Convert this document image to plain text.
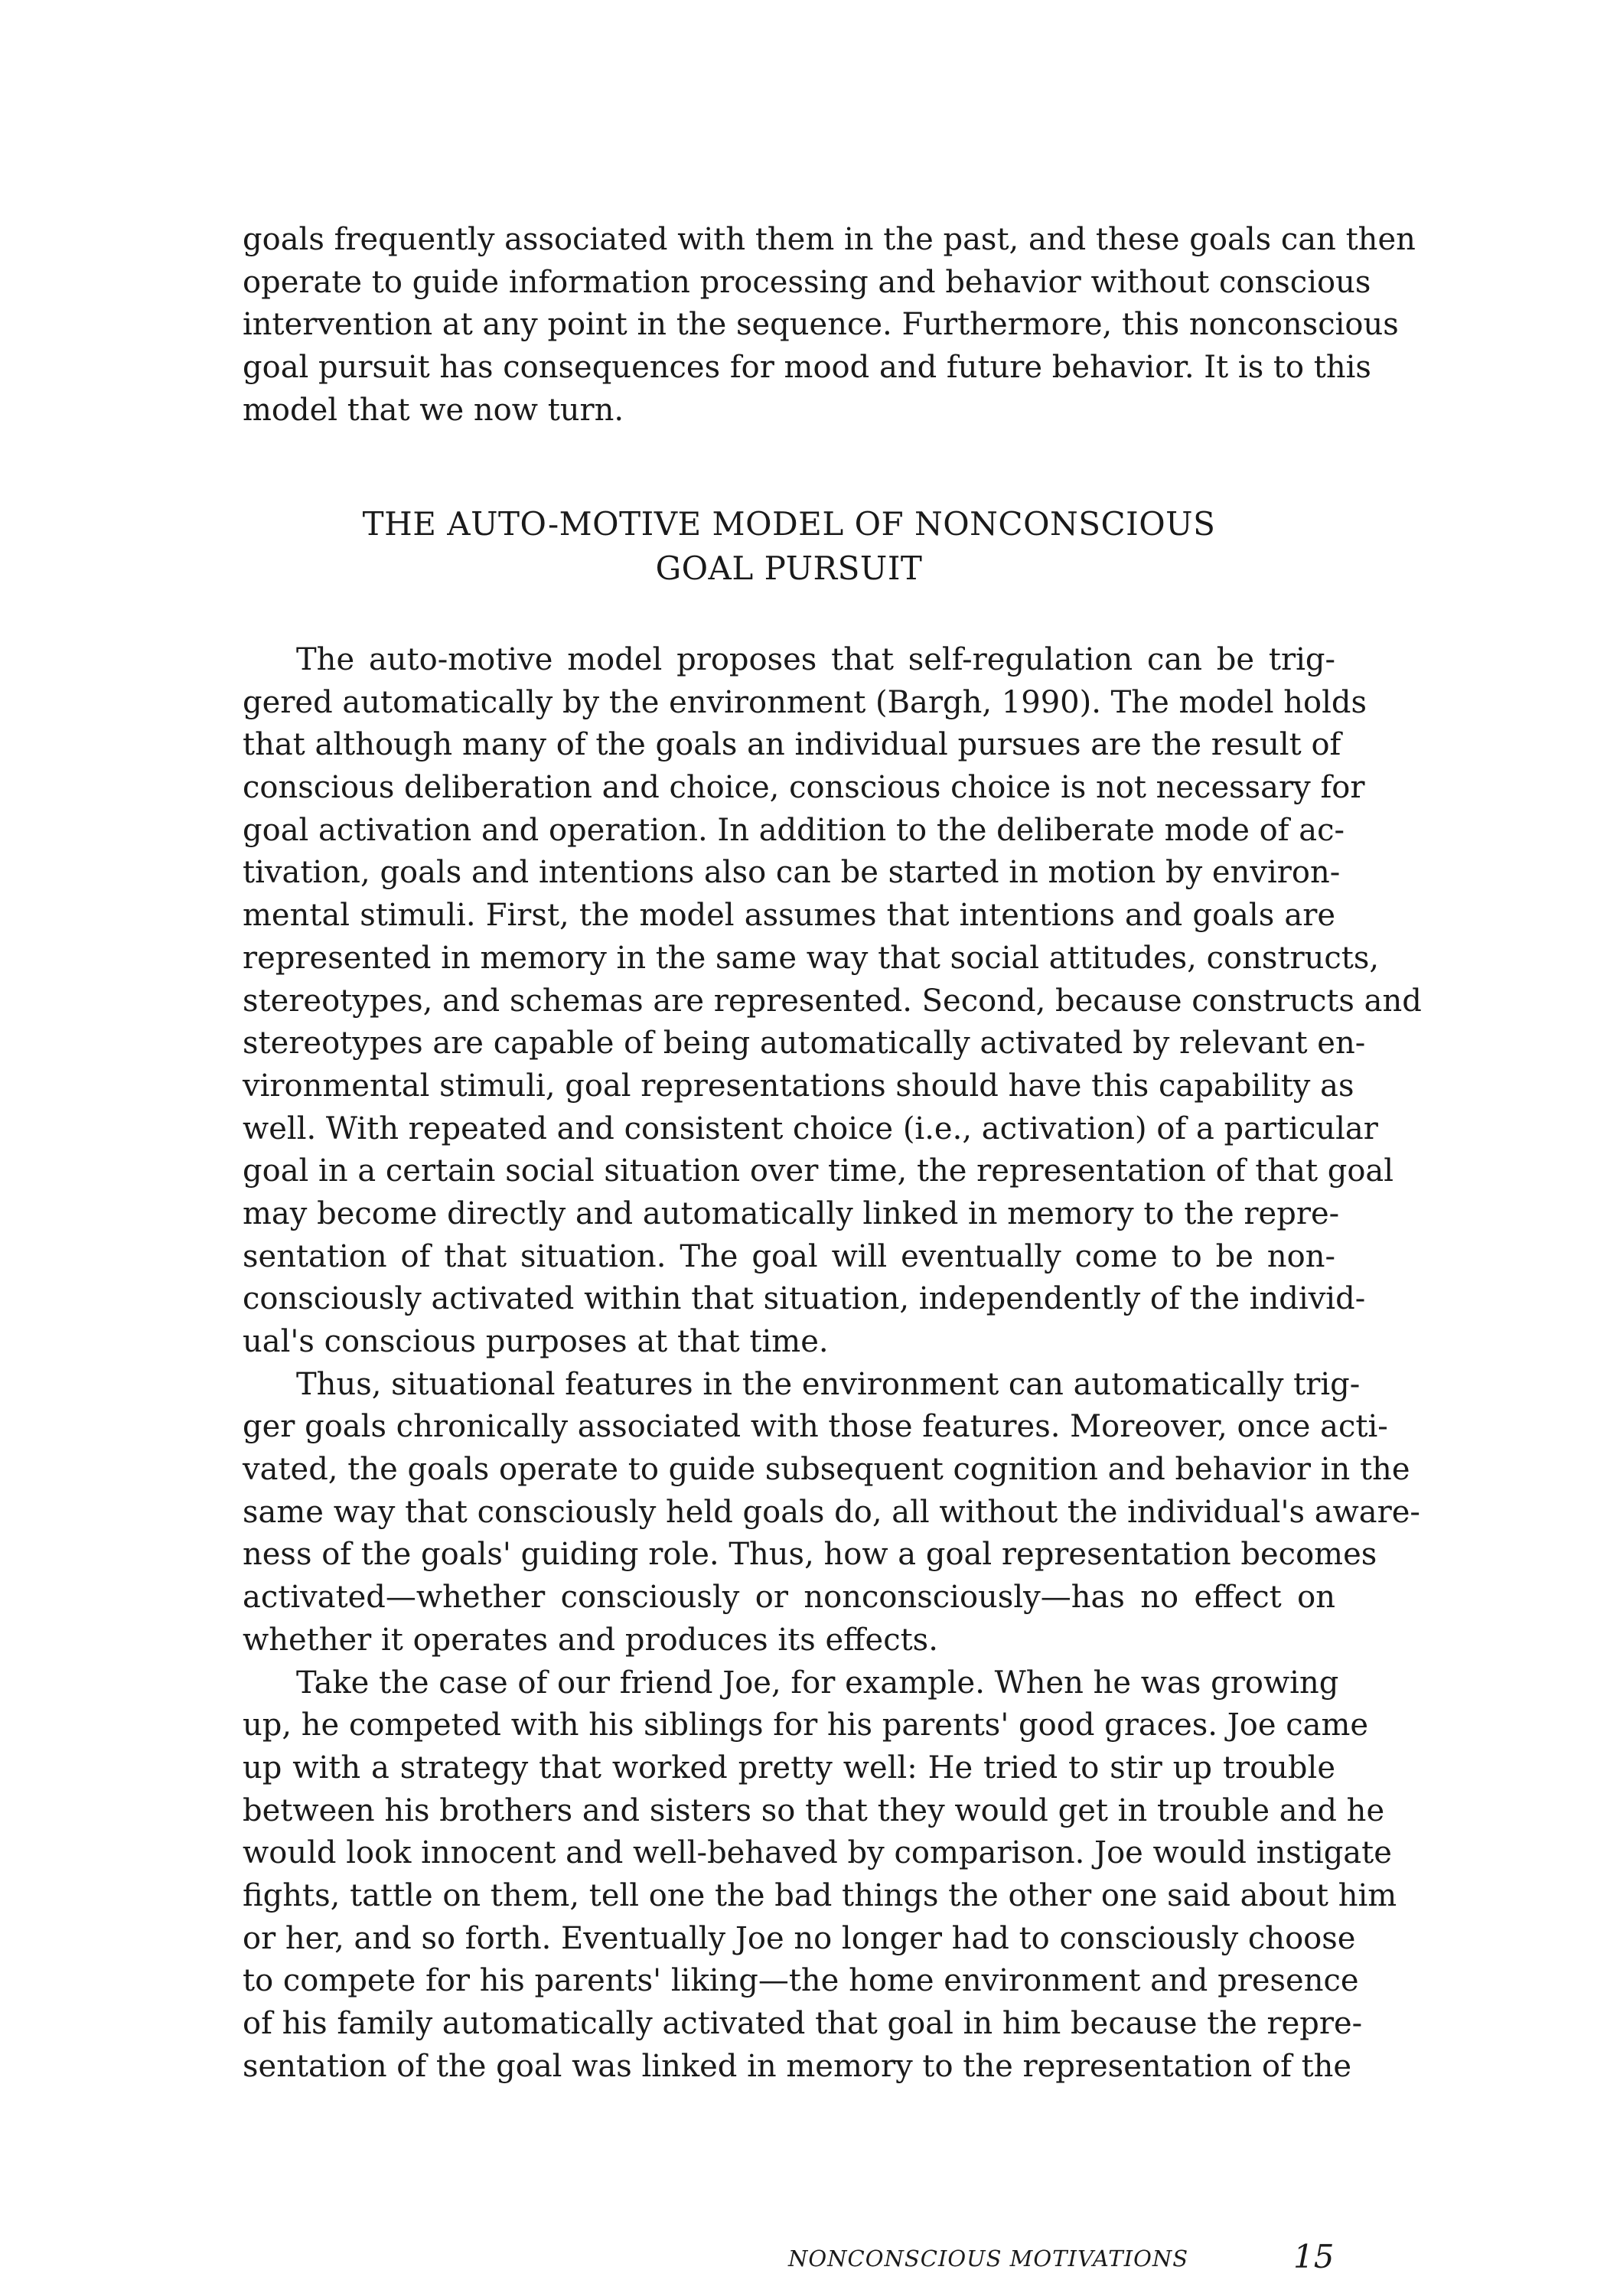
goals frequently associated with them in the past, and these goals can then
operate to guide information processing and behavior without conscious
intervention at any point in the sequence. Furthermore, this nonconscious
goal pursuit has consequences for mood and future behavior. It is to this
model that we now turn.
THE AUTO-MOTIVE MODEL OF NONCONSCIOUS
GOAL PURSUIT
The auto-motive model proposes that self-regulation can be trig-
gered automatically by the environment (Bargh, 1990). The model holds
that although many of the goals an individual pursues are the result of
conscious deliberation and choice, conscious choice is not necessary for
goal activation and operation. In addition to the deliberate mode of ac-
tivation, goals and intentions also can be started in motion by environ-
mental stimuli. First, the model assumes that intentions and goals are
represented in memory in the same way that social attitudes, constructs,
stereotypes, and schemas are represented. Second, because constructs and
stereotypes are capable of being automatically activated by relevant en-
vironmental stimuli, goal representations should have this capability as
well. With repeated and consistent choice (i.e., activation) of a particular
goal in a certain social situation over time, the representation of that goal
may become directly and automatically linked in memory to the repre-
sentation of that situation. The goal will eventually come to be non-
consciously activated within that situation, independently of the individ-
ual's conscious purposes at that time.
Thus, situational features in the environment can automatically trig-
ger goals chronically associated with those features. Moreover, once acti-
vated, the goals operate to guide subsequent cognition and behavior in the
same way that consciously held goals do, all without the individual's aware-
ness of the goals' guiding role. Thus, how a goal representation becomes
activated—whether consciously or nonconsciously—has no effect on
whether it operates and produces its effects.
Take the case of our friend Joe, for example. When he was growing
up, he competed with his siblings for his parents' good graces. Joe came
up with a strategy that worked pretty well: He tried to stir up trouble
between his brothers and sisters so that they would get in trouble and he
would look innocent and well-behaved by comparison. Joe would instigate
fights, tattle on them, tell one the bad things the other one said about him
or her, and so forth. Eventually Joe no longer had to consciously choose
to compete for his parents' liking—the home environment and presence
of his family automatically activated that goal in him because the repre-
sentation of the goal was linked in memory to the representation of the
NONCONSCIOUS MOTIVATIONS	15
